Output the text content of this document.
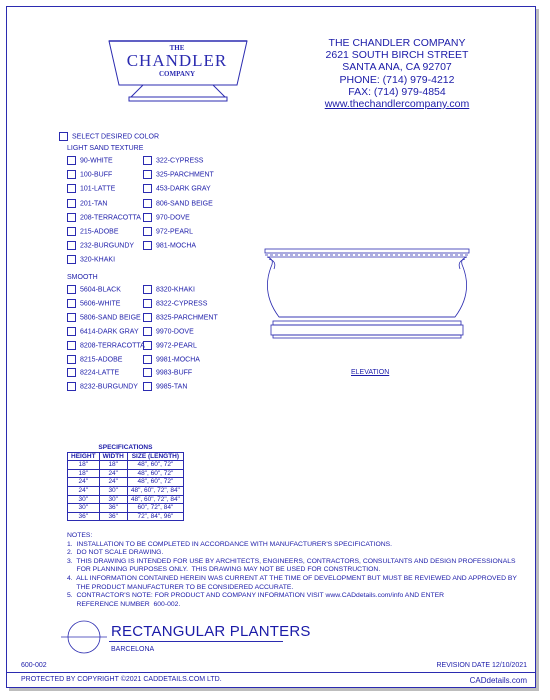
THE
CHANDLER
COMPANY
THE CHANDLER COMPANY
2621 SOUTH BIRCH STREET
SANTA ANA, CA 92707
PHONE: (714) 979-4212
FAX: (714) 979-4854
www.thechandlercompany.com
SELECT DESIRED COLOR
LIGHT SAND TEXTURE
90-WHITE
100-BUFF
101-LATTE
201-TAN
208-TERRACOTTA
215-ADOBE
232-BURGUNDY
320-KHAKI
322-CYPRESS
325-PARCHMENT
453-DARK GRAY
806-SAND BEIGE
970-DOVE
972-PEARL
981-MOCHA
SMOOTH
5604-BLACK
5606-WHITE
5806-SAND BEIGE
6414-DARK GRAY
8208-TERRACOTTA
8215-ADOBE
8224-LATTE
8232-BURGUNDY
8320-KHAKI
8322-CYPRESS
8325-PARCHMENT
9970-DOVE
9972-PEARL
9981-MOCHA
9983-BUFF
9985-TAN
ELEVATION
SPECIFICATIONS		
HEIGHT	WIDTH	SIZE (LENGTH)
18"	18"	48", 60", 72"
18"	24"	48", 60", 72"
24"	24"	48", 60", 72"
24"	30"	48", 60", 72", 84"
30"	30"	48", 60", 72", 84"
30"	36"	60", 72", 84"
36"	36"	72", 84", 96"
NOTES:
1.  INSTALLATION TO BE COMPLETED IN ACCORDANCE WITH MANUFACTURER'S SPECIFICATIONS.
2.  DO NOT SCALE DRAWING.
3.  THIS DRAWING IS INTENDED FOR USE BY ARCHITECTS, ENGINEERS, CONTRACTORS, CONSULTANTS AND DESIGN PROFESSIONALS
FOR PLANNING PURPOSES ONLY.  THIS DRAWING MAY NOT BE USED FOR CONSTRUCTION.
4.  ALL INFORMATION CONTAINED HEREIN WAS CURRENT AT THE TIME OF DEVELOPMENT BUT MUST BE REVIEWED AND APPROVED BY
THE PRODUCT MANUFACTURER TO BE CONSIDERED ACCURATE.
5.  CONTRACTOR'S NOTE: FOR PRODUCT AND COMPANY INFORMATION VISIT www.CADdetails.com/info AND ENTER
REFERENCE NUMBER  600-002.
RECTANGULAR PLANTERS
BARCELONA
600-002	REVISION DATE 12/10/2021
PROTECTED BY COPYRIGHT ©2021 CADDETAILS.COM LTD.	CADdetails.com
